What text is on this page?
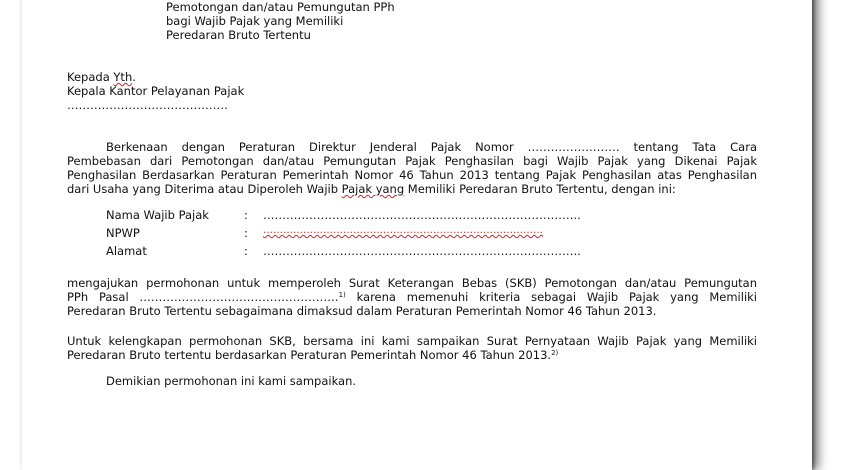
Pemotongan dan/atau Pemungutan PPh
bagi Wajib Pajak yang Memiliki
Peredaran Bruto Tertentu
Kepada Yth.
Kepala Kantor Pelayanan Pajak
……………………………………
Berkenaan dengan Peraturan Direktur Jenderal Pajak Nomor …………………… tentang Tata Cara
Pembebasan dari Pemotongan dan/atau Pemungutan Pajak Penghasilan bagi Wajib Pajak yang Dikenai Pajak
Penghasilan Berdasarkan Peraturan Pemerintah Nomor 46 Tahun 2013 tentang Pajak Penghasilan atas Penghasilan
dari Usaha yang Diterima atau Diperoleh Wajib Pajak yang Memiliki Peredaran Bruto Tertentu, dengan ini:
Nama Wajib Pajak	: ………………………………………………………………………..
NPWP	: …………………………………………………………………………
Alamat	: ………………………………………………………………………..
mengajukan permohonan untuk memperoleh Surat Keterangan Bebas (SKB) Pemotongan dan/atau Pemungutan
PPh Pasal …………………………………………….$^{1)}$ karena memenuhi kriteria sebagai Wajib Pajak yang Memiliki
Peredaran Bruto Tertentu sebagaimana dimaksud dalam Peraturan Pemerintah Nomor 46 Tahun 2013.
Untuk kelengkapan permohonan SKB, bersama ini kami sampaikan Surat Pernyataan Wajib Pajak yang Memiliki
Peredaran Bruto tertentu berdasarkan Peraturan Pemerintah Nomor 46 Tahun 2013.$^{2)}$
Demikian permohonan ini kami sampaikan.
